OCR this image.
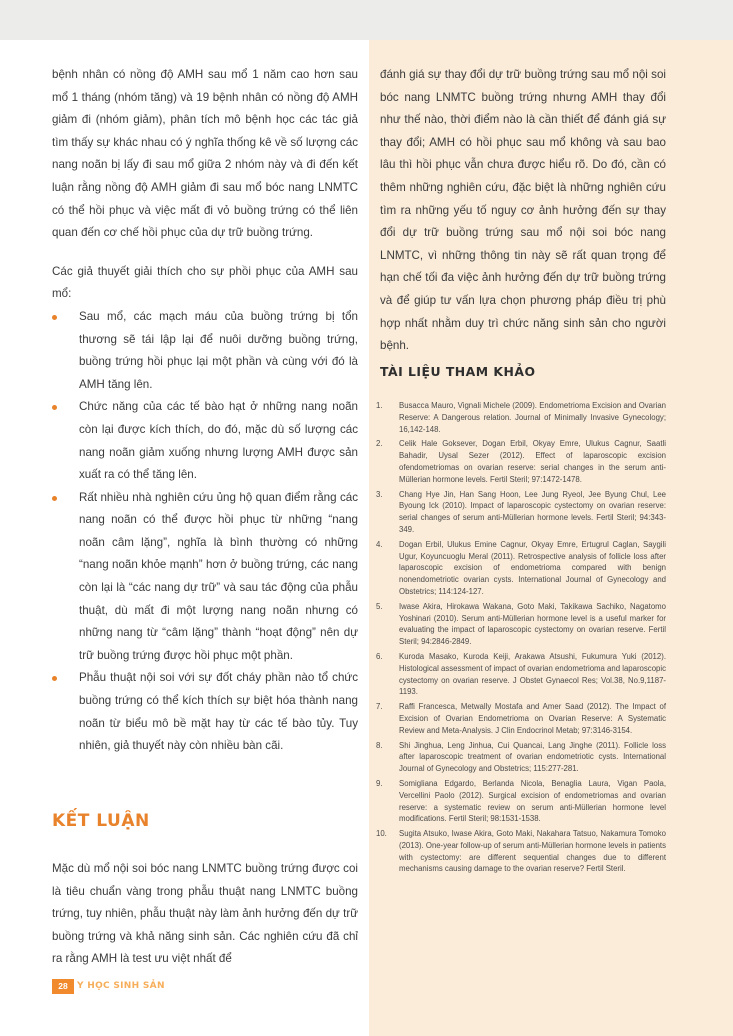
bệnh nhân có nồng độ AMH sau mổ 1 năm cao hơn sau mổ 1 tháng (nhóm tăng) và 19 bệnh nhân có nồng độ AMH giảm đi (nhóm giảm), phân tích mô bệnh học các tác giả tìm thấy sự khác nhau có ý nghĩa thống kê về số lượng các nang noãn bị lấy đi sau mổ giữa 2 nhóm này và đi đến kết luận rằng nồng độ AMH giảm đi sau mổ bóc nang LNMTC có thể hồi phục và việc mất đi vỏ buồng trứng có thể liên quan đến cơ chế hồi phục của dự trữ buồng trứng.

Các giả thuyết giải thích cho sự phồi phục của AMH sau mổ:

Sau mổ, các mạch máu của buồng trứng bị tổn thương sẽ tái lập lại để nuôi dưỡng buồng trứng, buồng trứng hồi phục lại một phần và cùng với đó là AMH tăng lên.
Chức năng của các tế bào hạt ở những nang noãn còn lại được kích thích, do đó, mặc dù số lượng các nang noãn giảm xuống nhưng lượng AMH được sản xuất ra có thể tăng lên.
Rất nhiều nhà nghiên cứu ủng hộ quan điểm rằng các nang noãn có thể được hồi phục từ những “nang noãn câm lặng”, nghĩa là bình thường có những “nang noãn khỏe mạnh” hơn ở buồng trứng, các nang còn lại là “các nang dự trữ” và sau tác động của phẫu thuật, dù mất đi một lượng nang noãn nhưng có những nang từ “câm lặng” thành “hoạt động” nên dự trữ buồng trứng được hồi phục một phần.
Phẫu thuật nội soi với sự đốt cháy phần nào tổ chức buồng trứng có thể kích thích sự biệt hóa thành nang noãn từ biểu mô bề mặt hay từ các tế bào tủy. Tuy nhiên, giả thuyết này còn nhiều bàn cãi.
KẾT LUẬN

Mặc dù mổ nội soi bóc nang LNMTC buồng trứng được coi là tiêu chuẩn vàng trong phẫu thuật nang LNMTC buồng trứng, tuy nhiên, phẫu thuật này làm ảnh hưởng đến dự trữ buồng trứng và khả năng sinh sản. Các nghiên cứu đã chỉ ra rằng AMH là test ưu việt nhất để

đánh giá sự thay đổi dự trữ buồng trứng sau mổ nội soi bóc nang LNMTC buồng trứng nhưng AMH thay đổi như thế nào, thời điểm nào là cần thiết để đánh giá sự thay đổi; AMH có hồi phục sau mổ không và sau bao lâu thì hồi phục vẫn chưa được hiểu rõ. Do đó, cần có thêm những nghiên cứu, đặc biệt là những nghiên cứu tìm ra những yếu tố nguy cơ ảnh hưởng đến sự thay đổi dự trữ buồng trứng sau mổ nội soi bóc nang LNMTC, vì những thông tin này sẽ rất quan trọng để hạn chế tối đa việc ảnh hưởng đến dự trữ buồng trứng và để giúp tư vấn lựa chọn phương pháp điều trị phù hợp nhất nhằm duy trì chức năng sinh sản cho người bệnh.

TÀI LIỆU THAM KHẢO
1. Busacca Mauro, Vignali Michele (2009). Endometrioma Excision and Ovarian Reserve: A Dangerous relation. Journal of Minimally Invasive Gynecology; 16,142-148.
2. Celik Hale Goksever, Dogan Erbil, Okyay Emre, Ulukus Cagnur, Saatli Bahadir, Uysal Sezer (2012). Effect of laparoscopic excision ofendometriomas on ovarian reserve: serial changes in the serum anti-Müllerian hormone levels. Fertil Steril; 97:1472-1478.
3. Chang Hye Jin, Han Sang Hoon, Lee Jung Ryeol, Jee Byung Chul, Lee Byoung Ick (2010). Impact of laparoscopic cystectomy on ovarian reserve: serial changes of serum anti-Müllerian hormone levels. Fertil Steril; 94:343-349.
4. Dogan Erbil, Ulukus Emine Cagnur, Okyay Emre, Ertugrul Caglan, Saygili Ugur, Koyuncuoglu Meral (2011). Retrospective analysis of follicle loss after laparoscopic excision of endometrioma compared with benign nonendometriotic ovarian cysts. International Journal of Gynecology and Obstetrics; 114:124-127.
5. Iwase Akira, Hirokawa Wakana, Goto Maki, Takikawa Sachiko, Nagatomo Yoshinari (2010). Serum anti-Müllerian hormone level is a useful marker for evaluating the impact of laparoscopic cystectomy on ovarian reserve. Fertil Steril; 94:2846-2849.
6. Kuroda Masako, Kuroda Keiji, Arakawa Atsushi, Fukumura Yuki (2012). Histological assessment of impact of ovarian endometrioma and laparoscopic cystectomy on ovarian reserve. J Obstet Gynaecol Res; Vol.38, No.9,1187-1193.
7. Raffi Francesca, Metwally Mostafa and Amer Saad (2012). The Impact of Excision of Ovarian Endometrioma on Ovarian Reserve: A Systematic Review and Meta-Analysis. J Clin Endocrinol Metab; 97:3146-3154.
8. Shi Jinghua, Leng Jinhua, Cui Quancai, Lang Jinghe (2011). Follicle loss after laparoscopic treatment of ovarian endometriotic cysts. International Journal of Gynecology and Obstetrics; 115:277-281.
9. Somigliana Edgardo, Berlanda Nicola, Benaglia Laura, Vigan Paola, Vercellini Paolo (2012). Surgical excision of endometriomas and ovarian reserve: a systematic review on serum anti-Müllerian hormone level modifications. Fertil Steril; 98:1531-1538.
10. Sugita Atsuko, Iwase Akira, Goto Maki, Nakahara Tatsuo, Nakamura Tomoko (2013). One-year follow-up of serum anti-Müllerian hormone levels in patients with cystectomy: are different sequential changes due to different mechanisms causing damage to the ovarian reserve? Fertil Steril.
28	Y HỌC SINH SẢN
